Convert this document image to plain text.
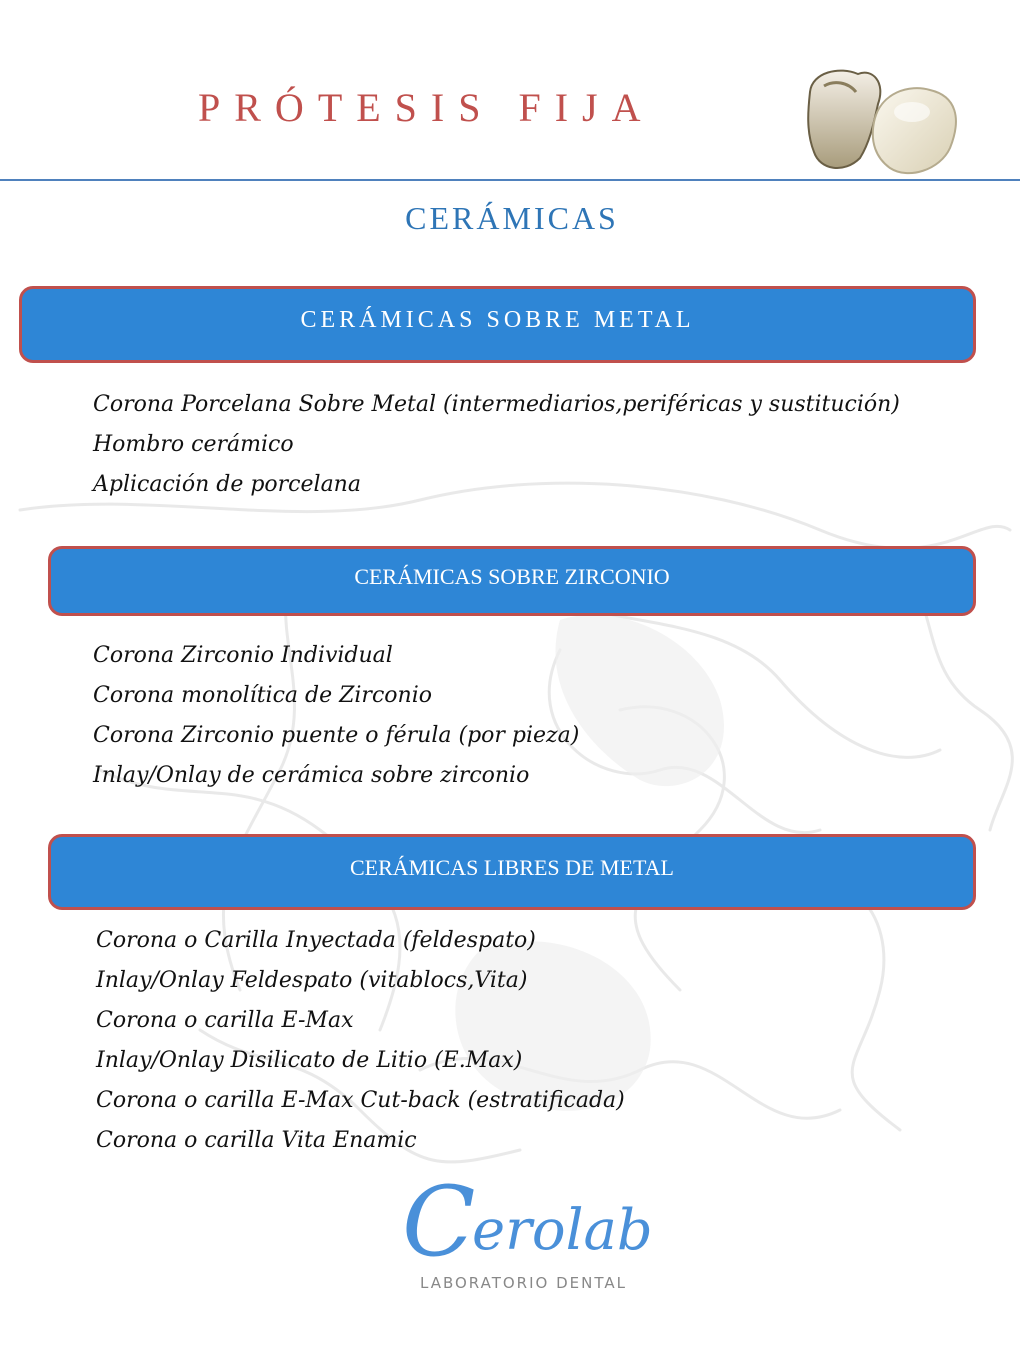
PRÓTESIS FIJA
CERÁMICAS
CERÁMICAS SOBRE METAL
Corona Porcelana Sobre Metal (intermediarios,periféricas y sustitución)
Hombro cerámico
Aplicación de porcelana
CERÁMICAS SOBRE ZIRCONIO
Corona Zirconio Individual
Corona monolítica de Zirconio
Corona Zirconio puente o férula (por pieza)
Inlay/Onlay de cerámica sobre zirconio
CERÁMICAS LIBRES DE METAL
Corona o Carilla Inyectada (feldespato)
Inlay/Onlay Feldespato (vitablocs,Vita)
Corona o carilla E-Max
Inlay/Onlay Disilicato de Litio (E.Max)
Corona o carilla E-Max Cut-back (estratificada)
Corona o carilla Vita Enamic
C
erolab
LABORATORIO DENTAL
